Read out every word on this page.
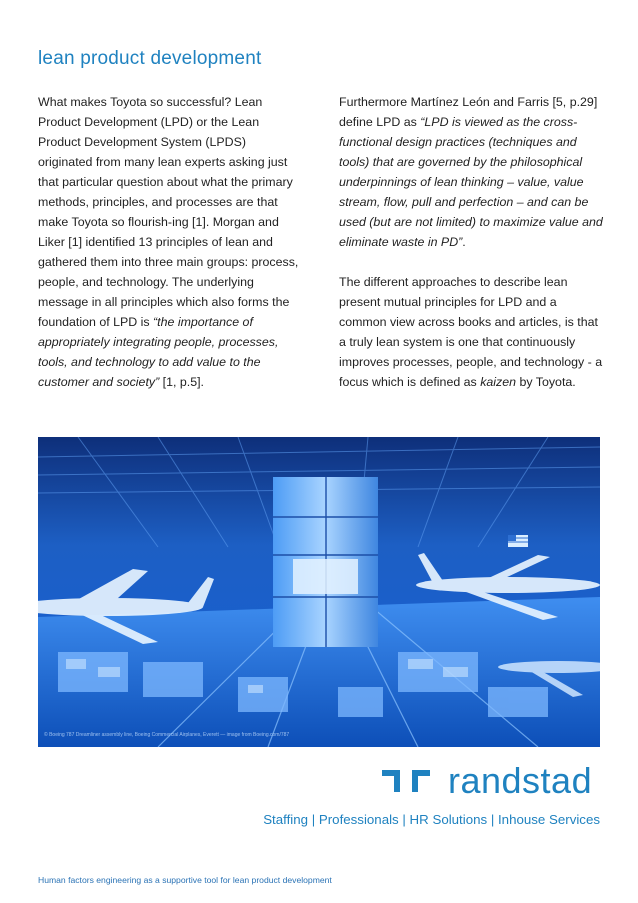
lean product development

What makes Toyota so successful? Lean Product Development (LPD) or the Lean Product Development System (LPDS) originated from many lean experts asking just that particular question about what the primary methods, principles, and processes are that make Toyota so flourish-ing [1]. Morgan and Liker [1] identified 13 principles of lean and gathered them into three main groups: process, people, and technology. The underlying message in all principles which also forms the foundation of LPD is “the importance of appropriately integrating people, processes, tools, and technology to add value to the customer and society” [1, p.5].

Furthermore Martínez León and Farris [5, p.29] define LPD as “LPD is viewed as the cross-functional design practices (techniques and tools) that are governed by the philosophical underpinnings of lean thinking – value, value stream, flow, pull and perfection – and can be used (but are not limited) to maximize value and eliminate waste in PD”.

The different approaches to describe lean present mutual principles for LPD and a common view across books and articles, is that a truly lean system is one that continuously improves processes, people, and technology - a focus which is defined as kaizen by Toyota.

© Boeing 787 Dreamliner assembly line, Boeing Commercial Airplanes, Everett — image from Boeing.com/787
randstad
Staffing | Professionals | HR Solutions | Inhouse Services
Human factors engineering as a supportive tool for lean product development
